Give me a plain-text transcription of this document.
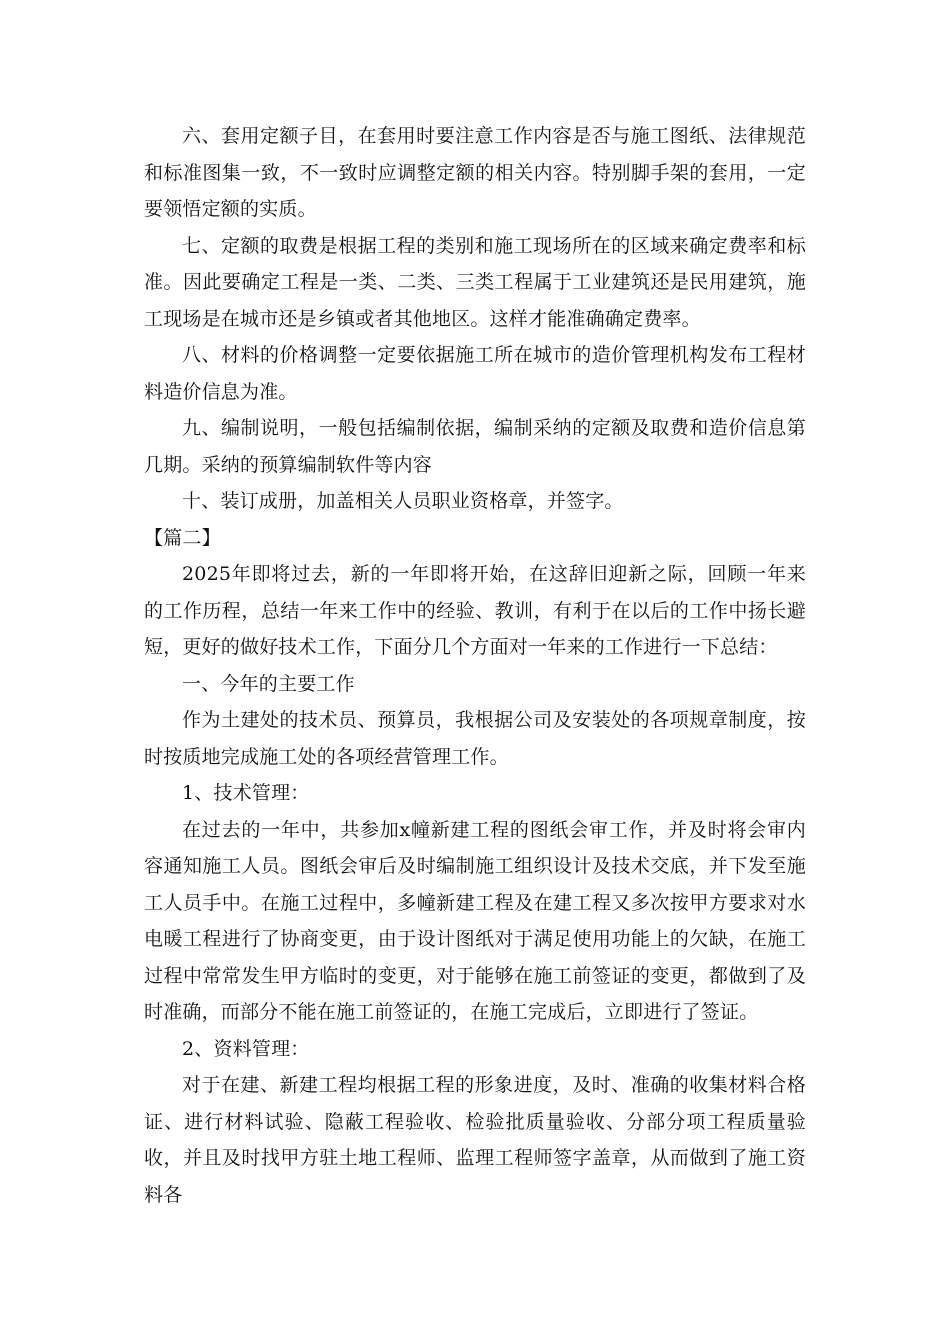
六、套用定额子目，在套用时要注意工作内容是否与施工图纸、法律规范和标准图集一致，不一致时应调整定额的相关内容。特别脚手架的套用，一定要领悟定额的实质。

七、定额的取费是根据工程的类别和施工现场所在的区域来确定费率和标准。因此要确定工程是一类、二类、三类工程属于工业建筑还是民用建筑，施工现场是在城市还是乡镇或者其他地区。这样才能准确确定费率。

八、材料的价格调整一定要依据施工所在城市的造价管理机构发布工程材料造价信息为准。

九、编制说明，一般包括编制依据，编制采纳的定额及取费和造价信息第几期。采纳的预算编制软件等内容

十、装订成册，加盖相关人员职业资格章，并签字。

【篇二】

2025年即将过去，新的一年即将开始，在这辞旧迎新之际，回顾一年来的工作历程，总结一年来工作中的经验、教训，有利于在以后的工作中扬长避短，更好的做好技术工作，下面分几个方面对一年来的工作进行一下总结：

一、今年的主要工作

作为土建处的技术员、预算员，我根据公司及安装处的各项规章制度，按时按质地完成施工处的各项经营管理工作。

1、技术管理：

在过去的一年中，共参加x幢新建工程的图纸会审工作，并及时将会审内容通知施工人员。图纸会审后及时编制施工组织设计及技术交底，并下发至施工人员手中。在施工过程中，多幢新建工程及在建工程又多次按甲方要求对水电暖工程进行了协商变更，由于设计图纸对于满足使用功能上的欠缺，在施工过程中常常发生甲方临时的变更，对于能够在施工前签证的变更，都做到了及时准确，而部分不能在施工前签证的，在施工完成后，立即进行了签证。

2、资料管理：

对于在建、新建工程均根据工程的形象进度，及时、准确的收集材料合格证、进行材料试验、隐蔽工程验收、检验批质量验收、分部分项工程质量验收，并且及时找甲方驻土地工程师、监理工程师签字盖章，从而做到了施工资料各
